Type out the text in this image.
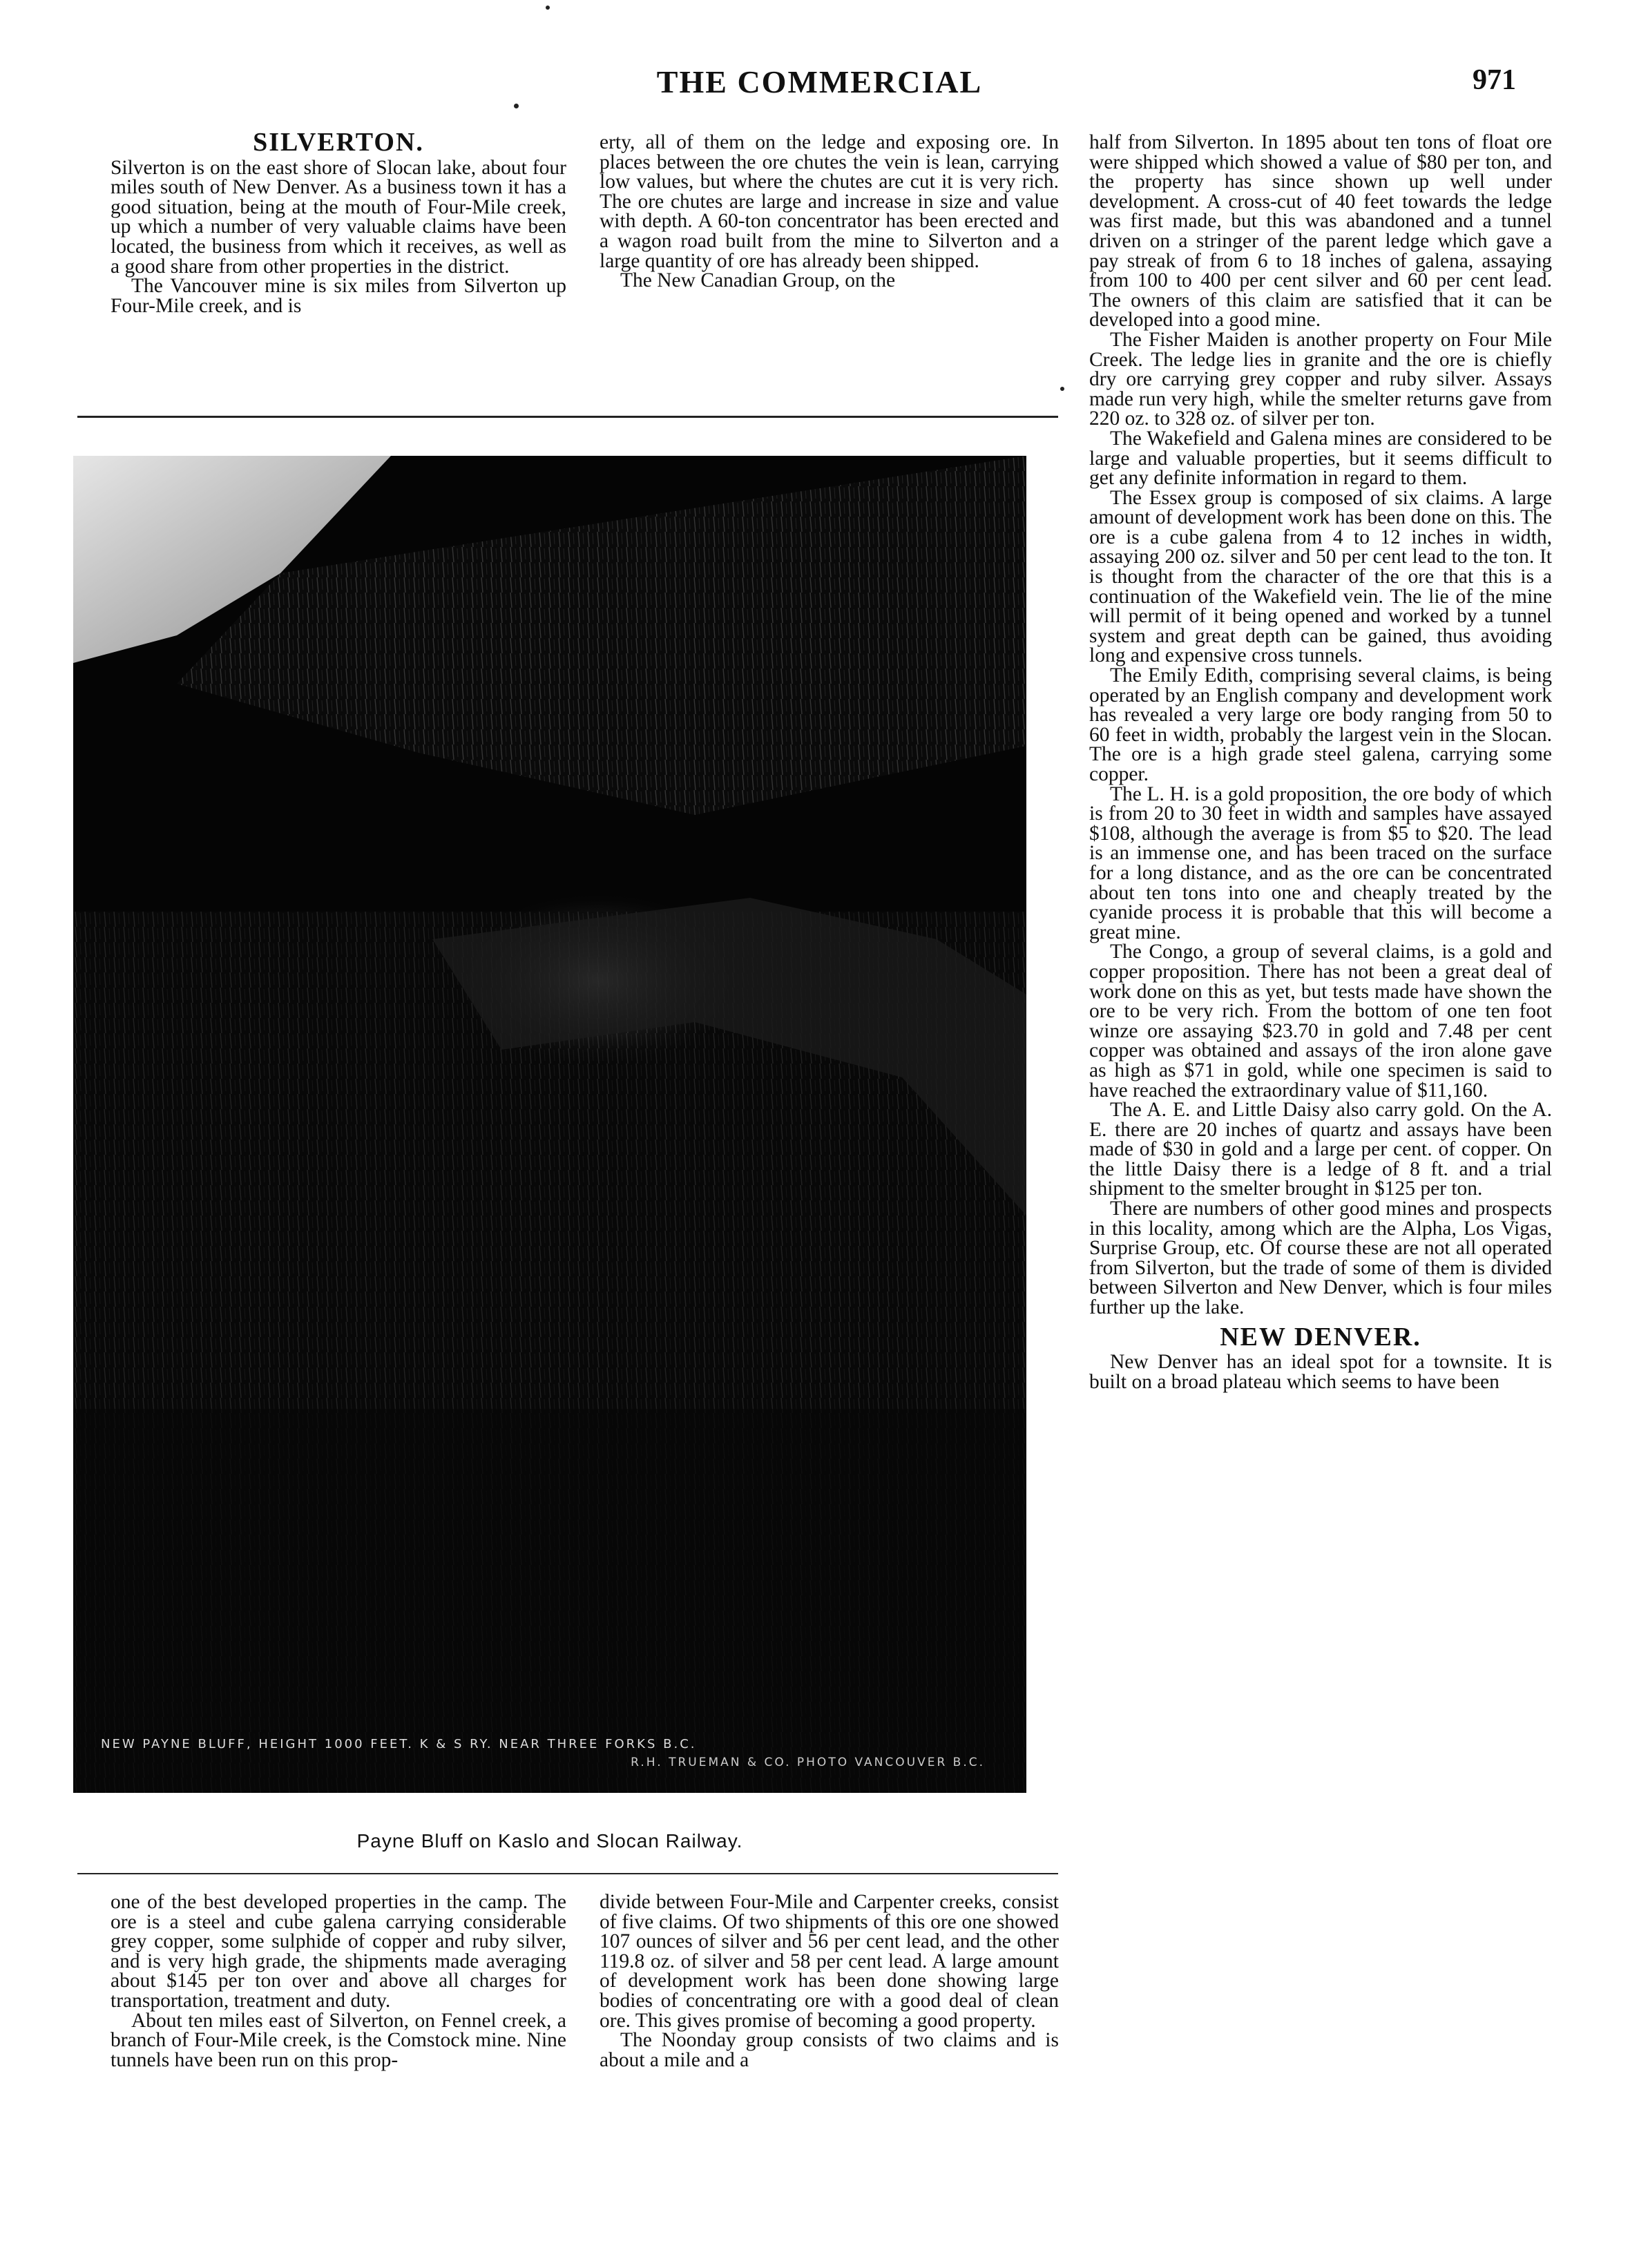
THE COMMERCIAL	971
SILVERTON.

Silverton is on the east shore of Slocan lake, about four miles south of New Denver. As a business town it has a good situation, being at the mouth of Four-Mile creek, up which a number of very valuable claims have been located, the business from which it receives, as well as a good share from other properties in the district.

The Vancouver mine is six miles from Silverton up Four-Mile creek, and is

erty, all of them on the ledge and exposing ore. In places between the ore chutes the vein is lean, carrying low values, but where the chutes are cut it is very rich. The ore chutes are large and increase in size and value with depth. A 60-ton concentrator has been erected and a wagon road built from the mine to Silverton and a large quantity of ore has already been shipped.

The New Canadian Group, on the

half from Silverton. In 1895 about ten tons of float ore were shipped which showed a value of $80 per ton, and the property has since shown up well under development. A cross-cut of 40 feet towards the ledge was first made, but this was abandoned and a tunnel driven on a stringer of the parent ledge which gave a pay streak of from 6 to 18 inches of galena, assaying from 100 to 400 per cent silver and 60 per cent lead. The owners of this claim are satisfied that it can be developed into a good mine.

The Fisher Maiden is another property on Four Mile Creek. The ledge lies in granite and the ore is chiefly dry ore carrying grey copper and ruby silver. Assays made run very high, while the smelter returns gave from 220 oz. to 328 oz. of silver per ton.

The Wakefield and Galena mines are considered to be large and valuable properties, but it seems difficult to get any definite information in regard to them.

The Essex group is composed of six claims. A large amount of development work has been done on this. The ore is a cube galena from 4 to 12 inches in width, assaying 200 oz. silver and 50 per cent lead to the ton. It is thought from the character of the ore that this is a continuation of the Wakefield vein. The lie of the mine will permit of it being opened and worked by a tunnel system and great depth can be gained, thus avoiding long and expensive cross tunnels.

The Emily Edith, comprising several claims, is being operated by an English company and development work has revealed a very large ore body ranging from 50 to 60 feet in width, probably the largest vein in the Slocan. The ore is a high grade steel galena, carrying some copper.

The L. H. is a gold proposition, the ore body of which is from 20 to 30 feet in width and samples have assayed $108, although the average is from $5 to $20. The lead is an immense one, and has been traced on the surface for a long distance, and as the ore can be concentrated about ten tons into one and cheaply treated by the cyanide process it is probable that this will become a great mine.

The Congo, a group of several claims, is a gold and copper proposition. There has not been a great deal of work done on this as yet, but tests made have shown the ore to be very rich. From the bottom of one ten foot winze ore assaying $23.70 in gold and 7.48 per cent copper was obtained and assays of the iron alone gave as high as $71 in gold, while one specimen is said to have reached the extraordinary value of $11,160.

The A. E. and Little Daisy also carry gold. On the A. E. there are 20 inches of quartz and assays have been made of $30 in gold and a large per cent. of copper. On the little Daisy there is a ledge of 8 ft. and a trial shipment to the smelter brought in $125 per ton.

There are numbers of other good mines and prospects in this locality, among which are the Alpha, Los Vigas, Surprise Group, etc. Of course these are not all operated from Silverton, but the trade of some of them is divided between Silverton and New Denver, which is four miles further up the lake.

NEW DENVER.

New Denver has an ideal spot for a townsite. It is built on a broad plateau which seems to have been

NEW PAYNE BLUFF, HEIGHT 1000 FEET. K & S RY. NEAR THREE FORKS B.C.
R.H. TRUEMAN & CO. PHOTO VANCOUVER B.C.
Payne Bluff on Kaslo and Slocan Railway.

one of the best developed properties in the camp. The ore is a steel and cube galena carrying considerable grey copper, some sulphide of copper and ruby silver, and is very high grade, the shipments made averaging about $145 per ton over and above all charges for transportation, treatment and duty.

About ten miles east of Silverton, on Fennel creek, a branch of Four-Mile creek, is the Comstock mine. Nine tunnels have been run on this prop-

divide between Four-Mile and Carpenter creeks, consist of five claims. Of two shipments of this ore one showed 107 ounces of silver and 56 per cent lead, and the other 119.8 oz. of silver and 58 per cent lead. A large amount of development work has been done showing large bodies of concentrating ore with a good deal of clean ore. This gives promise of becoming a good property.

The Noonday group consists of two claims and is about a mile and a
